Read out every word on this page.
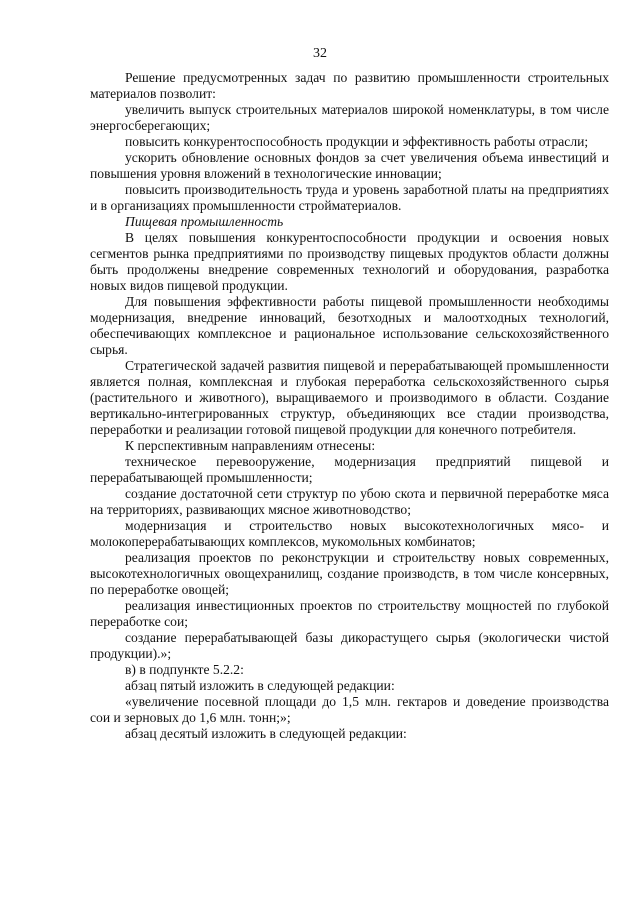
32

Решение предусмотренных задач по развитию промышленности строительных материалов позволит:

увеличить выпуск строительных материалов широкой номенклатуры, в том числе энергосберегающих;

повысить конкурентоспособность продукции и эффективность работы отрасли;

ускорить обновление основных фондов за счет увеличения объема инвестиций и повышения уровня вложений в технологические инновации;

повысить производительность труда и уровень заработной платы на предприятиях и в организациях промышленности стройматериалов.

Пищевая промышленность

В целях повышения конкурентоспособности продукции и освоения новых сегментов рынка предприятиями по производству пищевых продуктов области должны быть продолжены внедрение современных технологий и оборудования, разработка новых видов пищевой продукции.

Для повышения эффективности работы пищевой промышленности необходимы модернизация, внедрение инноваций, безотходных и малоотходных технологий, обеспечивающих комплексное и рациональное использование сельскохозяйственного сырья.

Стратегической задачей развития пищевой и перерабатывающей промышленности является полная, комплексная и глубокая переработка сельскохозяйственного сырья (растительного и животного), выращиваемого и производимого в области. Создание вертикально-интегрированных структур, объединяющих все стадии производства, переработки и реализации готовой пищевой продукции для конечного потребителя.

К перспективным направлениям отнесены:

техническое перевооружение, модернизация предприятий пищевой и перерабатывающей промышленности;

создание достаточной сети структур по убою скота и первичной переработке мяса на территориях, развивающих мясное животноводство;

модернизация и строительство новых высокотехнологичных мясо- и молокоперерабатывающих комплексов, мукомольных комбинатов;

реализация проектов по реконструкции и строительству новых современных, высокотехнологичных овощехранилищ, создание производств, в том числе консервных, по переработке овощей;

реализация инвестиционных проектов по строительству мощностей по глубокой переработке сои;

создание перерабатывающей базы дикорастущего сырья (экологически чистой продукции).»;

в) в подпункте 5.2.2:

абзац пятый изложить в следующей редакции:

«увеличение посевной площади до 1,5 млн. гектаров и доведение производства сои и зерновых до 1,6 млн. тонн;»;

абзац десятый изложить в следующей редакции:
